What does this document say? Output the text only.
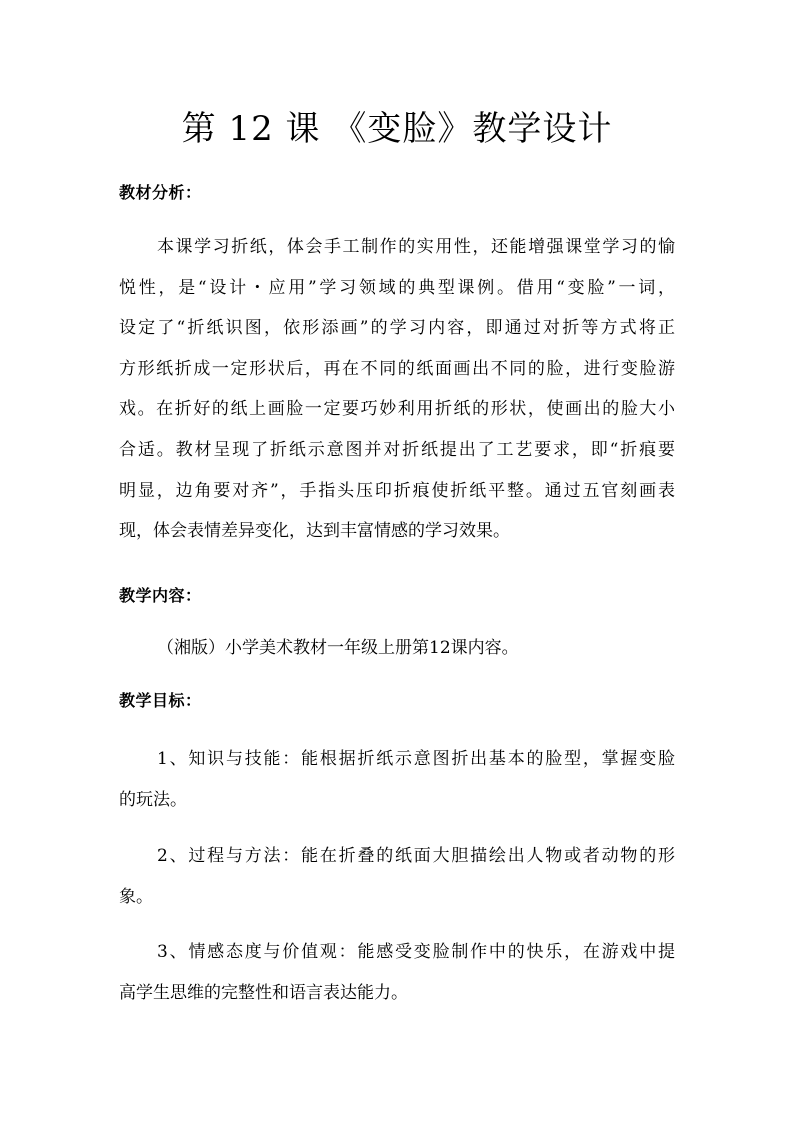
第 12 课 《变脸》教学设计
教材分析：
本课学习折纸，体会手工制作的实用性，还能增强课堂学习的愉
悦性，是“设计・应用”学习领域的典型课例。借用“变脸”一词，
设定了“折纸识图，依形添画”的学习内容，即通过对折等方式将正
方形纸折成一定形状后，再在不同的纸面画出不同的脸，进行变脸游
戏。在折好的纸上画脸一定要巧妙利用折纸的形状，使画出的脸大小
合适。教材呈现了折纸示意图并对折纸提出了工艺要求，即“折痕要
明显，边角要对齐”，手指头压印折痕使折纸平整。通过五官刻画表
现，体会表情差异变化，达到丰富情感的学习效果。
教学内容：
（湘版）小学美术教材一年级上册第12课内容。
教学目标：
1、知识与技能：能根据折纸示意图折出基本的脸型，掌握变脸
的玩法。
2、过程与方法：能在折叠的纸面大胆描绘出人物或者动物的形
象。
3、情感态度与价值观：能感受变脸制作中的快乐，在游戏中提
高学生思维的完整性和语言表达能力。
